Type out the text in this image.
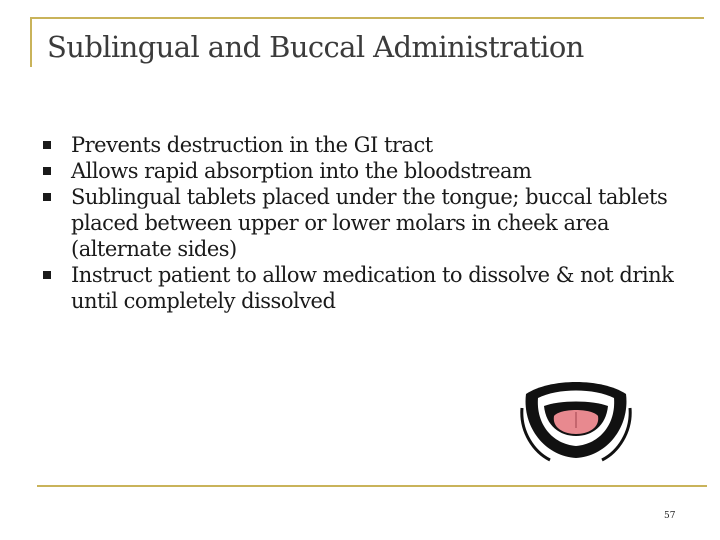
Sublingual and Buccal Administration
Prevents destruction in the GI tract
Allows rapid absorption into the bloodstream
Sublingual tablets placed under the tongue; buccal tablets placed between upper or lower molars in cheek area (alternate sides)
Instruct patient to allow medication to dissolve & not drink until completely dissolved
57
